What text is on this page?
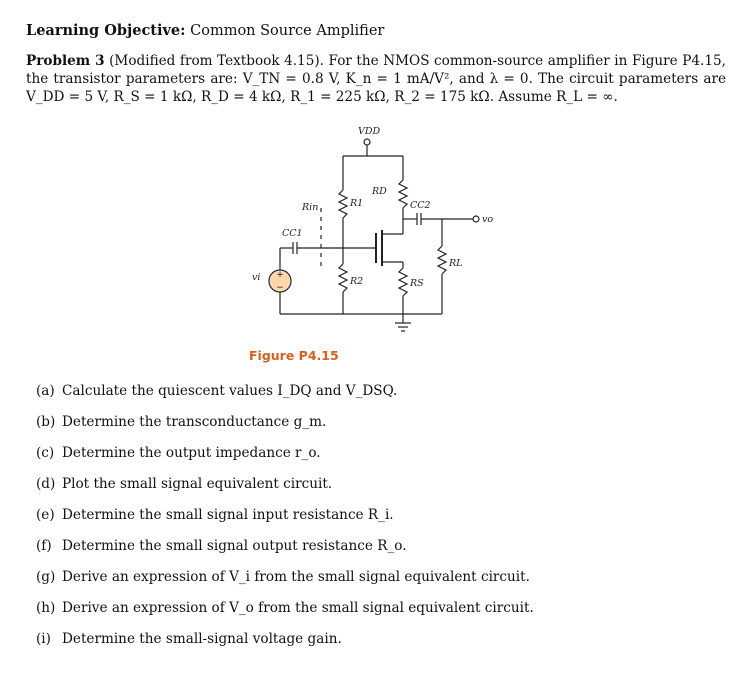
Learning Objective: Common Source Amplifier
Problem 3 (Modified from Textbook 4.15). For the NMOS common-source amplifier in Figure P4.15, the transistor parameters are: V_TN = 0.8 V, K_n = 1 mA/V², and λ = 0. The circuit parameters are V_DD = 5 V, R_S = 1 kΩ, R_D = 4 kΩ, R_1 = 225 kΩ, R_2 = 175 kΩ. Assume R_L = ∞.
+
−
VDD
RD
R1
R2	RS
RL
Rin
CC1
CC2
vi
vo
Figure P4.15
(a) Calculate the quiescent values I_DQ and V_DSQ.
(b) Determine the transconductance g_m.
(c) Determine the output impedance r_o.
(d) Plot the small signal equivalent circuit.
(e) Determine the small signal input resistance R_i.
(f) Determine the small signal output resistance R_o.
(g) Derive an expression of V_i from the small signal equivalent circuit.
(h) Derive an expression of V_o from the small signal equivalent circuit.
(i) Determine the small-signal voltage gain.
